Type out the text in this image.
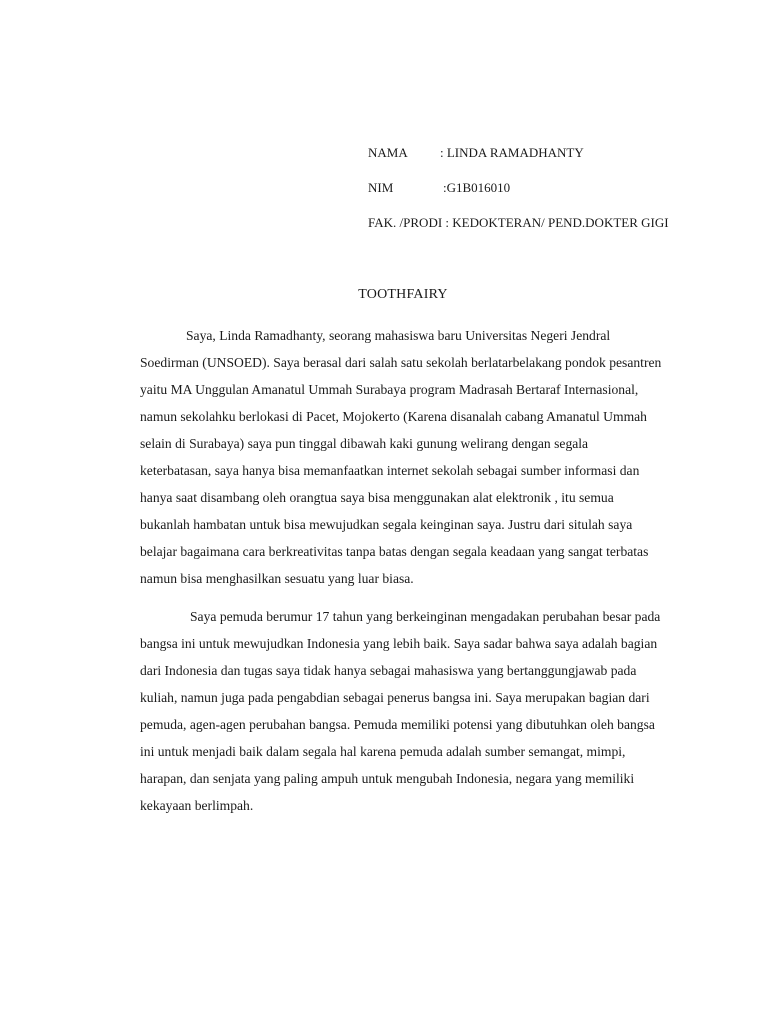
NAMA : LINDA RAMADHANTY
NIM	:G1B016010
FAK. /PRODI : KEDOKTERAN/ PEND.DOKTER GIGI
TOOTHFAIRY

Saya, Linda Ramadhanty, seorang mahasiswa baru Universitas Negeri Jendral Soedirman (UNSOED). Saya berasal dari salah satu sekolah berlatarbelakang pondok pesantren yaitu MA Unggulan Amanatul Ummah Surabaya program Madrasah Bertaraf Internasional, namun sekolahku berlokasi di Pacet, Mojokerto (Karena disanalah cabang Amanatul Ummah selain di Surabaya) saya pun tinggal dibawah kaki gunung welirang dengan segala keterbatasan, saya hanya bisa memanfaatkan internet sekolah sebagai sumber informasi dan hanya saat disambang oleh orangtua saya bisa menggunakan alat elektronik , itu semua bukanlah hambatan untuk bisa mewujudkan segala keinginan saya. Justru dari situlah saya belajar bagaimana cara berkreativitas tanpa batas dengan segala keadaan yang sangat terbatas namun bisa menghasilkan sesuatu yang luar biasa.

Saya pemuda berumur 17 tahun yang berkeinginan mengadakan perubahan besar pada bangsa ini untuk mewujudkan Indonesia yang lebih baik. Saya sadar bahwa saya adalah bagian dari Indonesia dan tugas saya tidak hanya sebagai mahasiswa yang bertanggungjawab pada kuliah, namun juga pada pengabdian sebagai penerus bangsa ini. Saya merupakan bagian dari pemuda, agen-agen perubahan bangsa. Pemuda memiliki potensi yang dibutuhkan oleh bangsa ini untuk menjadi baik dalam segala hal karena pemuda adalah sumber semangat, mimpi, harapan, dan senjata yang paling ampuh untuk mengubah Indonesia, negara yang memiliki kekayaan berlimpah.
